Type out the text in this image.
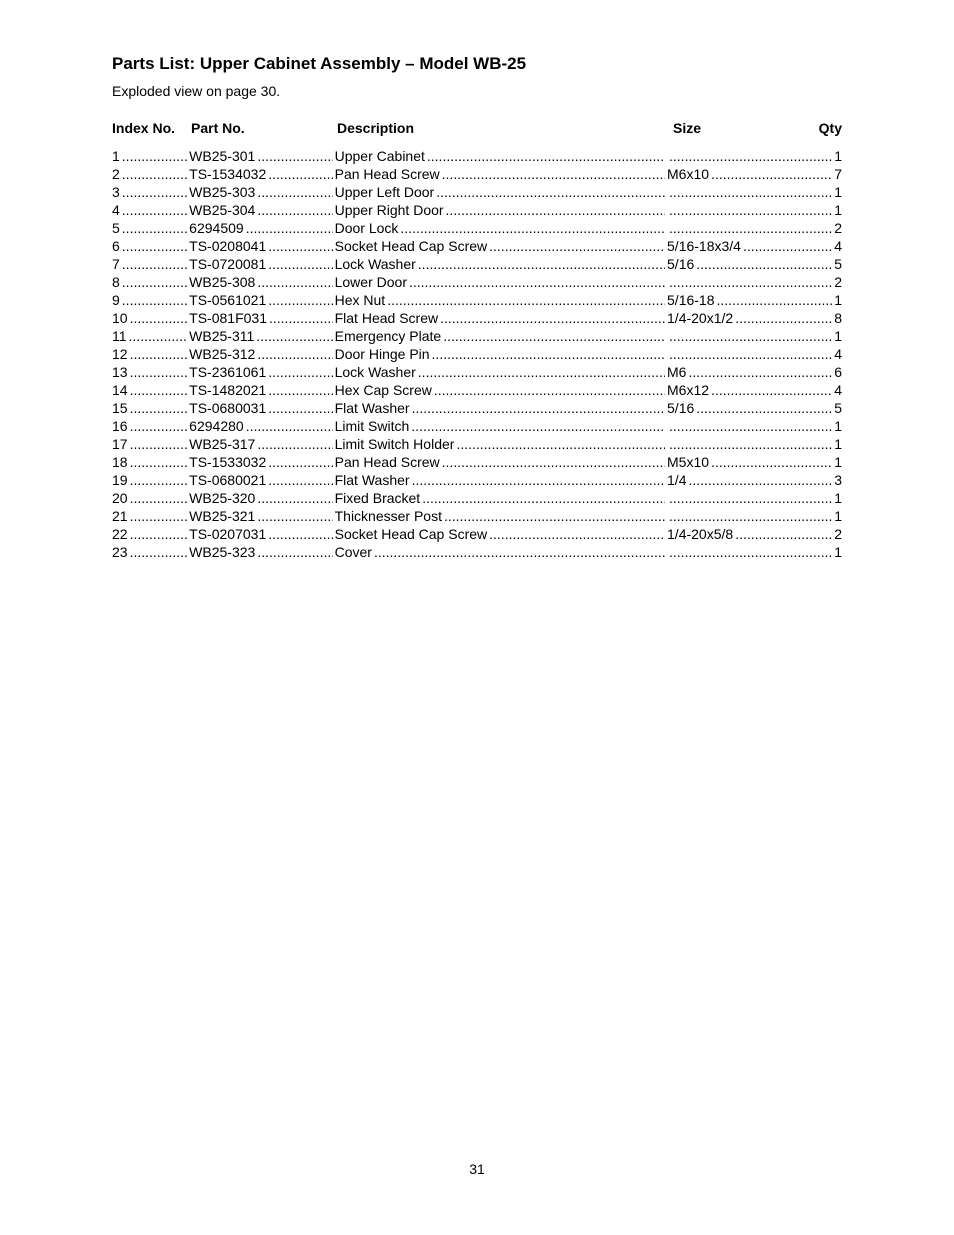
Parts List: Upper Cabinet Assembly – Model WB-25

Exploded view on page 30.

Index No. Part No.	Description	Size	Qty
1 .....	WB25-301 .....	Upper Cabinet ..... .....	1
2 .....	TS-1534032 .....	Pan Head Screw .....	M6x10 .....	7
3 .....	WB25-303 .....	Upper Left Door ..... .....	1
4 .....	WB25-304 .....	Upper Right Door ..... .....	1
5 .....	6294509 .....	Door Lock ..... .....	2
6 .....	TS-0208041 .....	Socket Head Cap Screw .....	5/16-18x3/4 .....	4
7 .....	TS-0720081 .....	Lock Washer .....	5/16 .....	5
8 .....	WB25-308 .....	Lower Door ..... .....	2
9 .....	TS-0561021 .....	Hex Nut .....	5/16-18 .....	1
10 .....	TS-081F031 .....	Flat Head Screw .....	1/4-20x1/2 .....	8
11 .....	WB25-311 .....	Emergency Plate ..... .....	1
12 .....	WB25-312 .....	Door Hinge Pin ..... .....	4
13 .....	TS-2361061 .....	Lock Washer .....	M6 .....	6
14 .....	TS-1482021 .....	Hex Cap Screw .....	M6x12 .....	4
15 .....	TS-0680031 .....	Flat Washer .....	5/16 .....	5
16 .....	6294280 .....	Limit Switch ..... .....	1
17 .....	WB25-317 .....	Limit Switch Holder ..... .....	1
18 .....	TS-1533032 .....	Pan Head Screw .....	M5x10 .....	1
19 .....	TS-0680021 .....	Flat Washer .....	1/4 .....	3
20 .....	WB25-320 .....	Fixed Bracket ..... .....	1
21 .....	WB25-321 .....	Thicknesser Post ..... .....	1
22 .....	TS-0207031 .....	Socket Head Cap Screw .....	1/4-20x5/8 .....	2
23 .....	WB25-323 .....	Cover ..... .....	1
31
